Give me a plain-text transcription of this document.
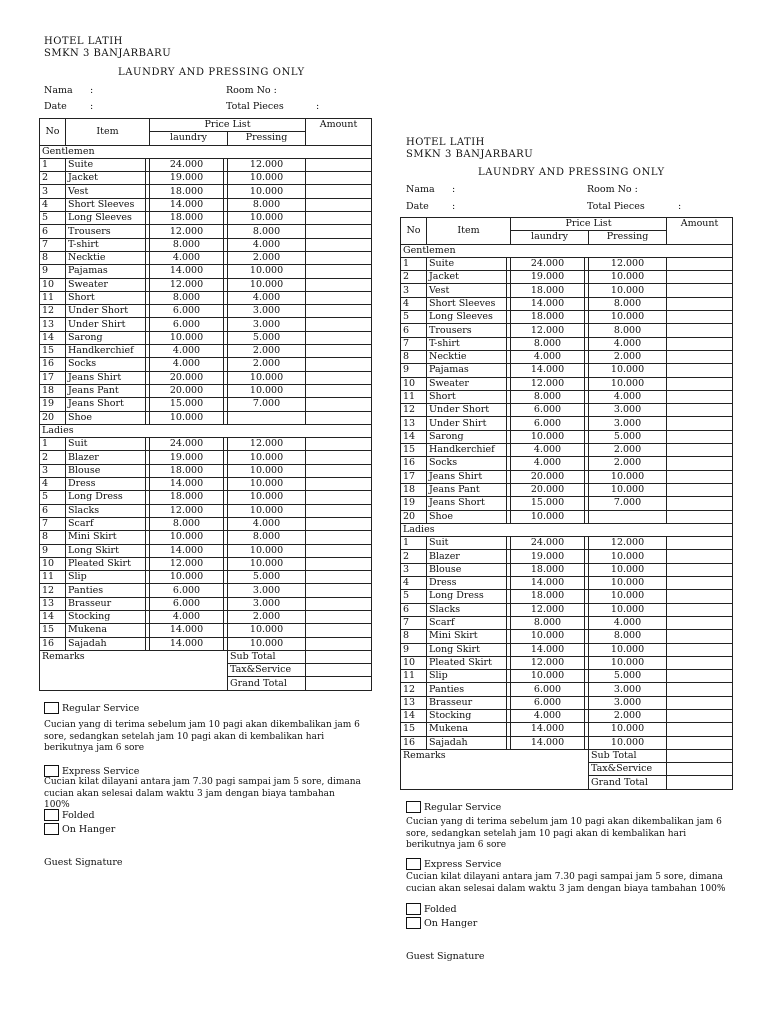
HOTEL LATIH
SMKN 3 BANJARBARU
LAUNDRY AND PRESSING ONLY
Nama :	Room No :
Date :	Total Pieces	:
No	Item		Price List			Amount
			laundry		Pressing	
Gentlemen						
1	Suite		24.000		12.000	
2	Jacket		19.000		10.000	
3	Vest		18.000		10.000	
4	Short Sleeves		14.000		8.000	
5	Long Sleeves		18.000		10.000	
6	Trousers		12.000		8.000	
7	T-shirt		8.000		4.000	
8	Necktie		4.000		2.000	
9	Pajamas		14.000		10.000	
10	Sweater		12.000		10.000	
11	Short		8.000		4.000	
12	Under Short		6.000		3.000	
13	Under Shirt		6.000		3.000	
14	Sarong		10.000		5.000	
15	Handkerchief		4.000		2.000	
16	Socks		4.000		2.000	
17	Jeans Shirt		20.000		10.000	
18	Jeans Pant		20.000		10.000	
19	Jeans Short		15.000		7.000	
20	Shoe		10.000			
Ladies						
1	Suit		24.000		12.000	
2	Blazer		19.000		10.000	
3	Blouse		18.000		10.000	
4	Dress		14.000		10.000	
5	Long Dress		18.000		10.000	
6	Slacks		12.000		10.000	
7	Scarf		8.000		4.000	
8	Mini Skirt		10.000		8.000	
9	Long Skirt		14.000		10.000	
10	Pleated Skirt		12.000		10.000	
11	Slip		10.000		5.000	
12	Panties		6.000		3.000	
13	Brasseur		6.000		3.000	
14	Stocking		4.000		2.000	
15	Mukena		14.000		10.000	
16	Sajadah		14.000		10.000	
Remarks					Sub Total	
					Tax&Service	
					Grand Total	
Regular Service
Cucian yang di terima sebelum jam 10 pagi akan dikembalikan jam 6 sore, sedangkan setelah jam 10 pagi akan di kembalikan hari berikutnya jam 6 sore
Express Service
Cucian kilat dilayani antara jam 7.30 pagi sampai jam 5 sore, dimana cucian akan selesai dalam waktu 3 jam dengan biaya tambahan 100%
Folded
On Hanger
Guest Signature
HOTEL LATIH
SMKN 3 BANJARBARU
LAUNDRY AND PRESSING ONLY
Nama :	Room No :
Date :	Total Pieces	:
No	Item		Price List			Amount
			laundry		Pressing	
Gentlemen						
1	Suite		24.000		12.000	
2	Jacket		19.000		10.000	
3	Vest		18.000		10.000	
4	Short Sleeves		14.000		8.000	
5	Long Sleeves		18.000		10.000	
6	Trousers		12.000		8.000	
7	T-shirt		8.000		4.000	
8	Necktie		4.000		2.000	
9	Pajamas		14.000		10.000	
10	Sweater		12.000		10.000	
11	Short		8.000		4.000	
12	Under Short		6.000		3.000	
13	Under Shirt		6.000		3.000	
14	Sarong		10.000		5.000	
15	Handkerchief		4.000		2.000	
16	Socks		4.000		2.000	
17	Jeans Shirt		20.000		10.000	
18	Jeans Pant		20.000		10.000	
19	Jeans Short		15.000		7.000	
20	Shoe		10.000			
Ladies						
1	Suit		24.000		12.000	
2	Blazer		19.000		10.000	
3	Blouse		18.000		10.000	
4	Dress		14.000		10.000	
5	Long Dress		18.000		10.000	
6	Slacks		12.000		10.000	
7	Scarf		8.000		4.000	
8	Mini Skirt		10.000		8.000	
9	Long Skirt		14.000		10.000	
10	Pleated Skirt		12.000		10.000	
11	Slip		10.000		5.000	
12	Panties		6.000		3.000	
13	Brasseur		6.000		3.000	
14	Stocking		4.000		2.000	
15	Mukena		14.000		10.000	
16	Sajadah		14.000		10.000	
Remarks					Sub Total	
					Tax&Service	
					Grand Total	
Regular Service
Cucian yang di terima sebelum jam 10 pagi akan dikembalikan jam 6 sore, sedangkan setelah jam 10 pagi akan di kembalikan hari berikutnya jam 6 sore
Express Service
Cucian kilat dilayani antara jam 7.30 pagi sampai jam 5 sore, dimana cucian akan selesai dalam waktu 3 jam dengan biaya tambahan 100%
Folded
On Hanger
Guest Signature
